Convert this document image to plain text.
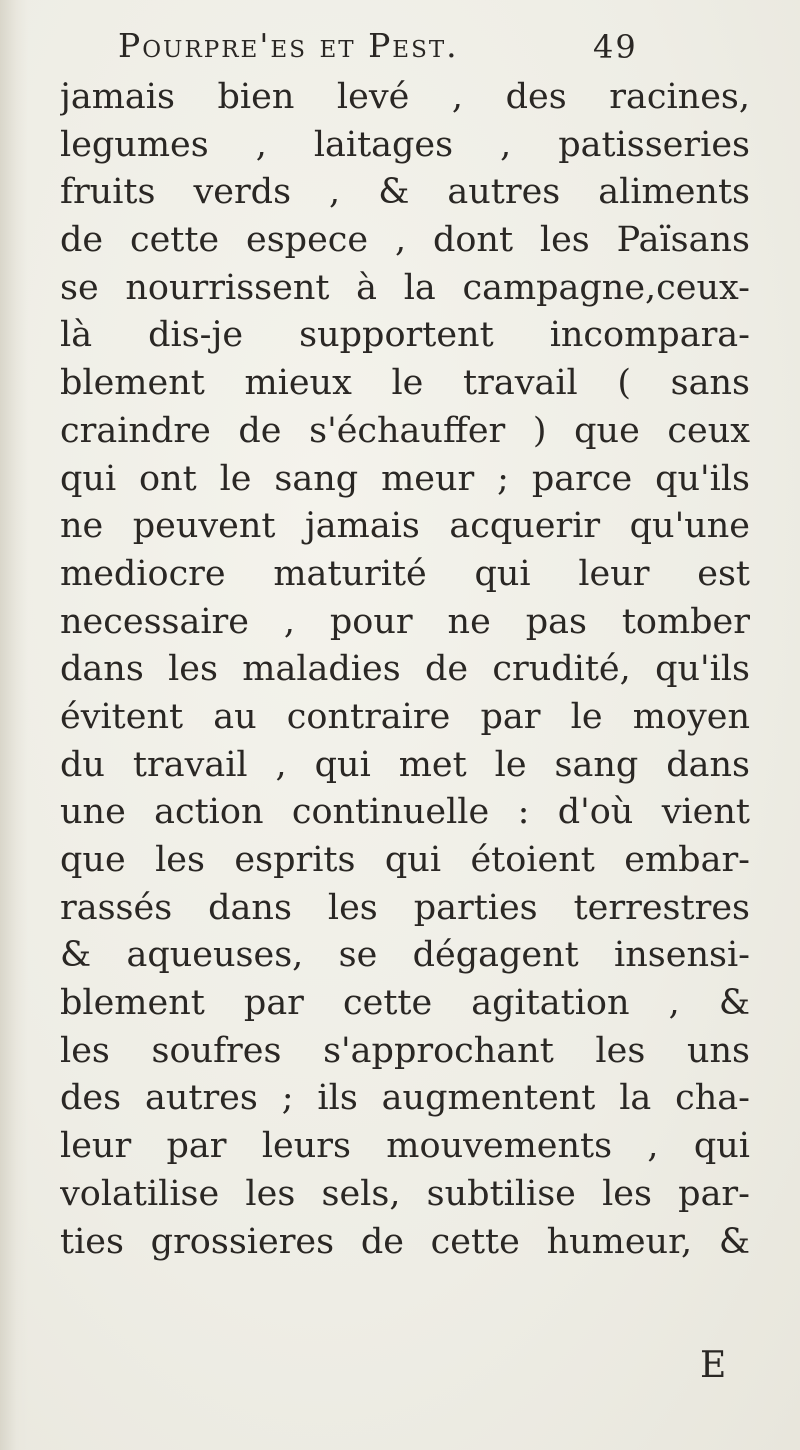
Pourpre'es et Pest.	49
jamais bien levé , des racines,
legumes , laitages , patisseries
fruits verds , & autres aliments
de cette espece , dont les Païsans
se nourrissent à la campagne,ceux-
là dis-je supportent incompara-
blement mieux le travail ( sans
craindre de s'échauffer ) que ceux
qui ont le sang meur ; parce qu'ils
ne peuvent jamais acquerir qu'une
mediocre maturité qui leur est
necessaire , pour ne pas tomber
dans les maladies de crudité, qu'ils
évitent au contraire par le moyen
du travail , qui met le sang dans
une action continuelle : d'où vient
que les esprits qui étoient embar-
rassés dans les parties terrestres
& aqueuses, se dégagent insensi-
blement par cette agitation , &
les soufres s'approchant les uns
des autres ; ils augmentent la cha-
leur par leurs mouvements , qui
volatilise les sels, subtilise les par-
ties grossieres de cette humeur, &
E
